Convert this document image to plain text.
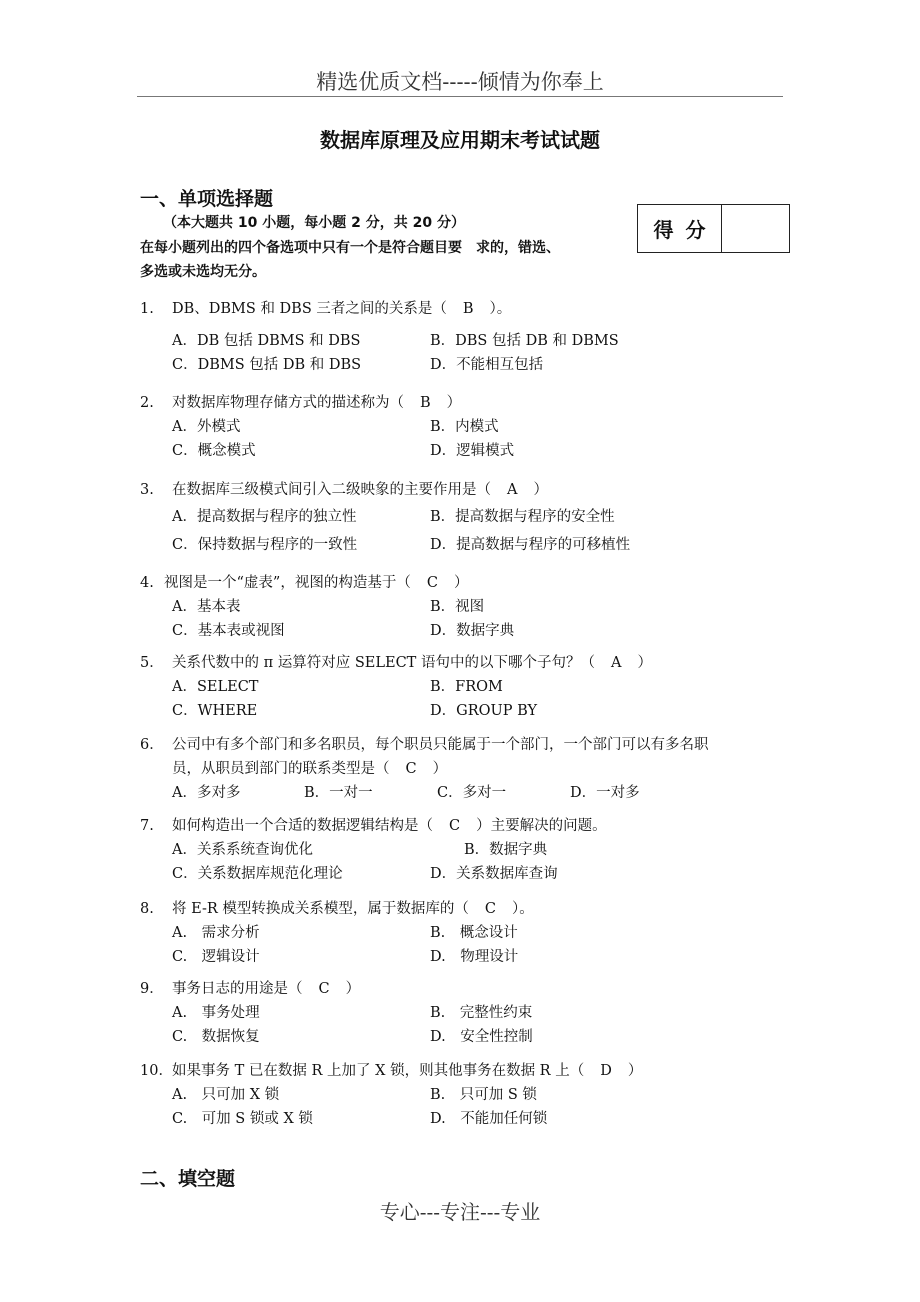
精选优质文档-----倾情为你奉上
数据库原理及应用期末考试试题
一、单项选择题
（本大题共 10 小题，每小题 2 分，共 20 分）
在每小题列出的四个备选项中只有一个是符合题目要　求的，错选、
多选或未选均无分。
得分
1. DB、DBMS 和 DBS 三者之间的关系是（ B ）。
A．DB 包括 DBMS 和 DBS	B．DBS 包括 DB 和 DBMS
C．DBMS 包括 DB 和 DBS	D．不能相互包括
2. 对数据库物理存储方式的描述称为（ B ）
A．外模式	B．内模式
C．概念模式	D．逻辑模式
3. 在数据库三级模式间引入二级映象的主要作用是（ A ）
A．提高数据与程序的独立性	B．提高数据与程序的安全性
C．保持数据与程序的一致性	D．提高数据与程序的可移植性
4. 视图是一个“虚表”，视图的构造基于（ C ）
A．基本表	B．视图
C．基本表或视图	D．数据字典
5． 关系代数中的 π 运算符对应 SELECT 语句中的以下哪个子句？（ A ）
A．SELECT	B．FROM
C．WHERE	D．GROUP BY
6． 公司中有多个部门和多名职员，每个职员只能属于一个部门，一个部门可以有多名职
员，从职员到部门的联系类型是（ C ）
A．多对多	B．一对一	C．多对一	D．一对多
7. 如何构造出一个合适的数据逻辑结构是（ C ）主要解决的问题。
A．关系系统查询优化	B．数据字典
C．关系数据库规范化理论	D．关系数据库查询
8. 将 E-R 模型转换成关系模型，属于数据库的（ C ）。
A.　需求分析	B.　概念设计
C.　逻辑设计	D.　物理设计
9． 事务日志的用途是（ C ）
A.　事务处理	B.　完整性约束
C.　数据恢复	D.　安全性控制
10．如果事务 T 已在数据 R 上加了 X 锁，则其他事务在数据 R 上（ D ）
A.　只可加 X 锁	B.　只可加 S 锁
C.　可加 S 锁或 X 锁	D.　不能加任何锁
二、填空题
专心---专注---专业
